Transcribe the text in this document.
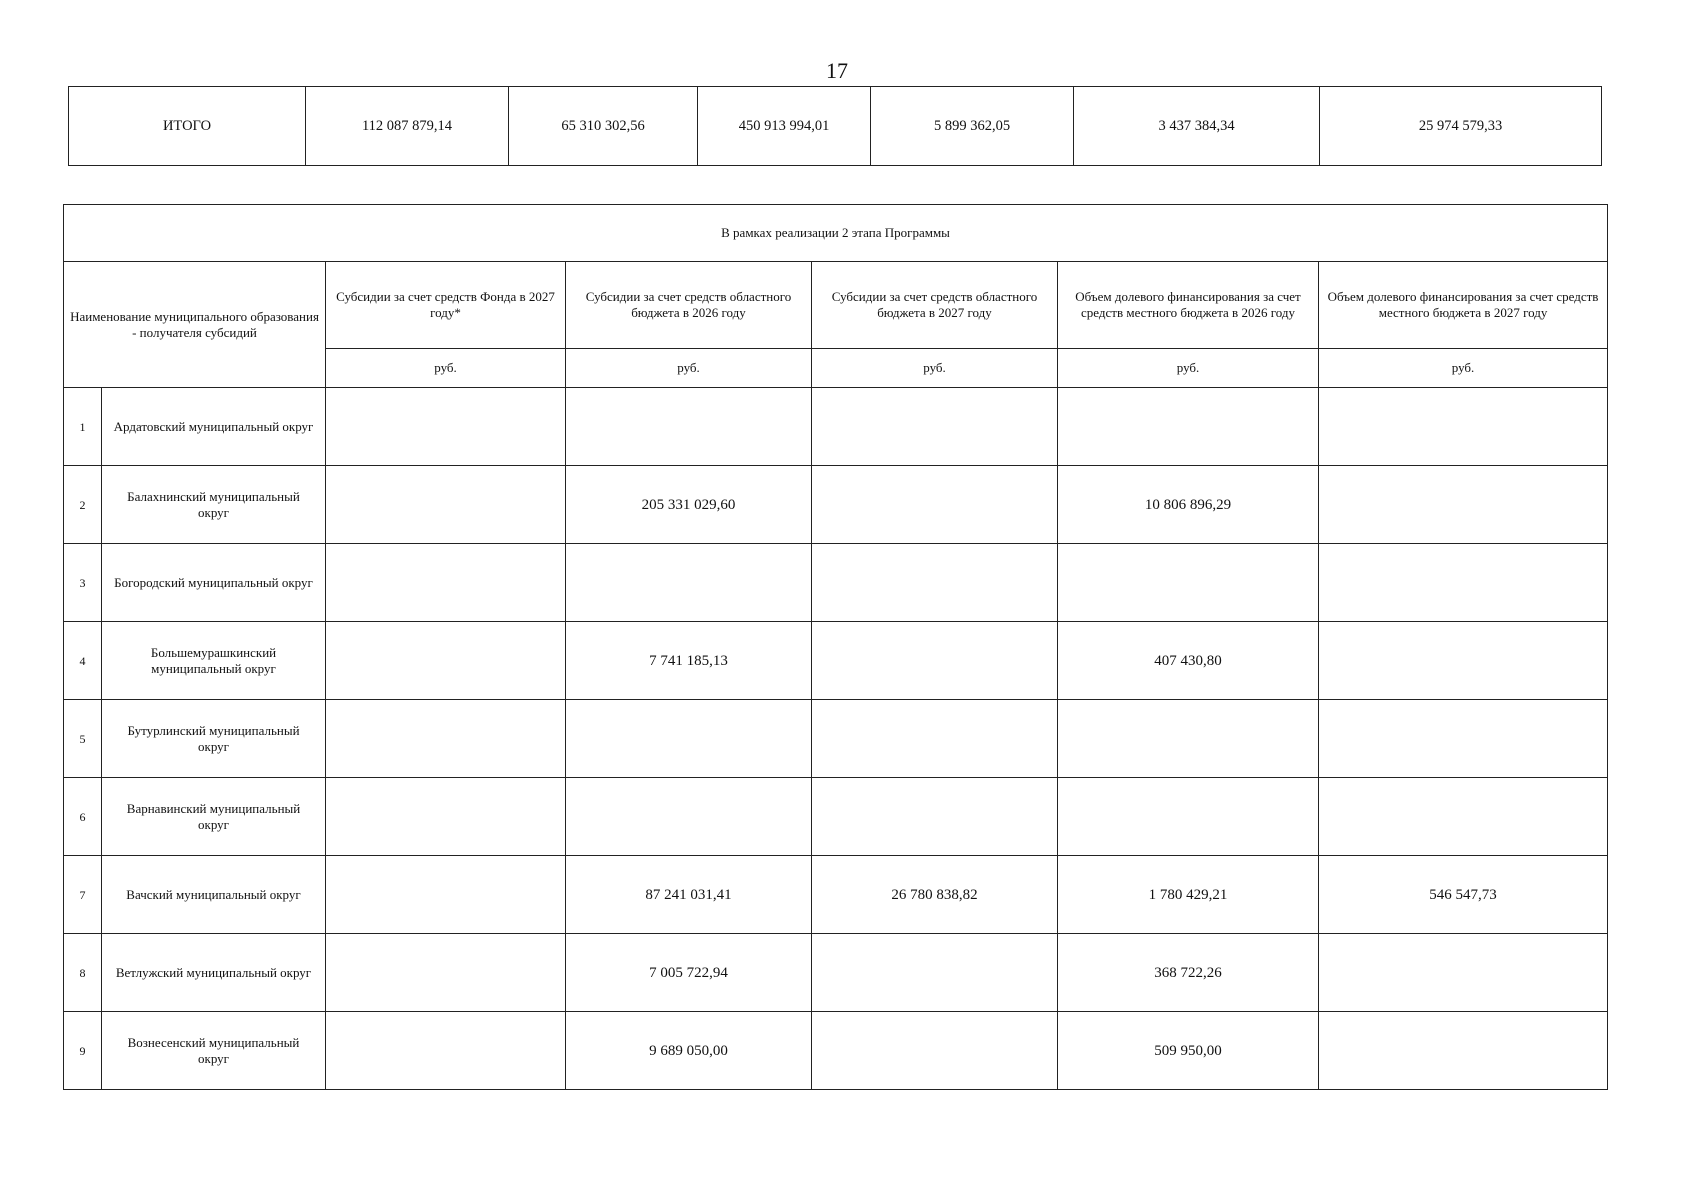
17
ИТОГО	112 087 879,14	65 310 302,56	450 913 994,01	5 899 362,05	3 437 384,34	25 974 579,33
В рамках реализации 2 этапа Программы						
Наименование муниципального образования - получателя субсидий		Субсидии за счет средств Фонда в 2027 году*	Субсидии за счет средств областного бюджета в 2026 году	Субсидии за счет средств областного бюджета в 2027 году	Объем долевого финансирования за счет средств местного бюджета в 2026 году	Объем долевого финансирования за счет средств местного бюджета в 2027 году
		руб.	руб.	руб.	руб.	руб.
1	Ардатовский муниципальный округ					
2	Балахнинский муниципальный округ		205 331 029,60		10 806 896,29	
3	Богородский муниципальный округ					
4	Большемурашкинский муниципальный округ		7 741 185,13		407 430,80	
5	Бутурлинский муниципальный округ					
6	Варнавинский муниципальный округ					
7	Вачский муниципальный округ		87 241 031,41	26 780 838,82	1 780 429,21	546 547,73
8	Ветлужский муниципальный округ		7 005 722,94		368 722,26	
9	Вознесенский муниципальный округ		9 689 050,00		509 950,00	
